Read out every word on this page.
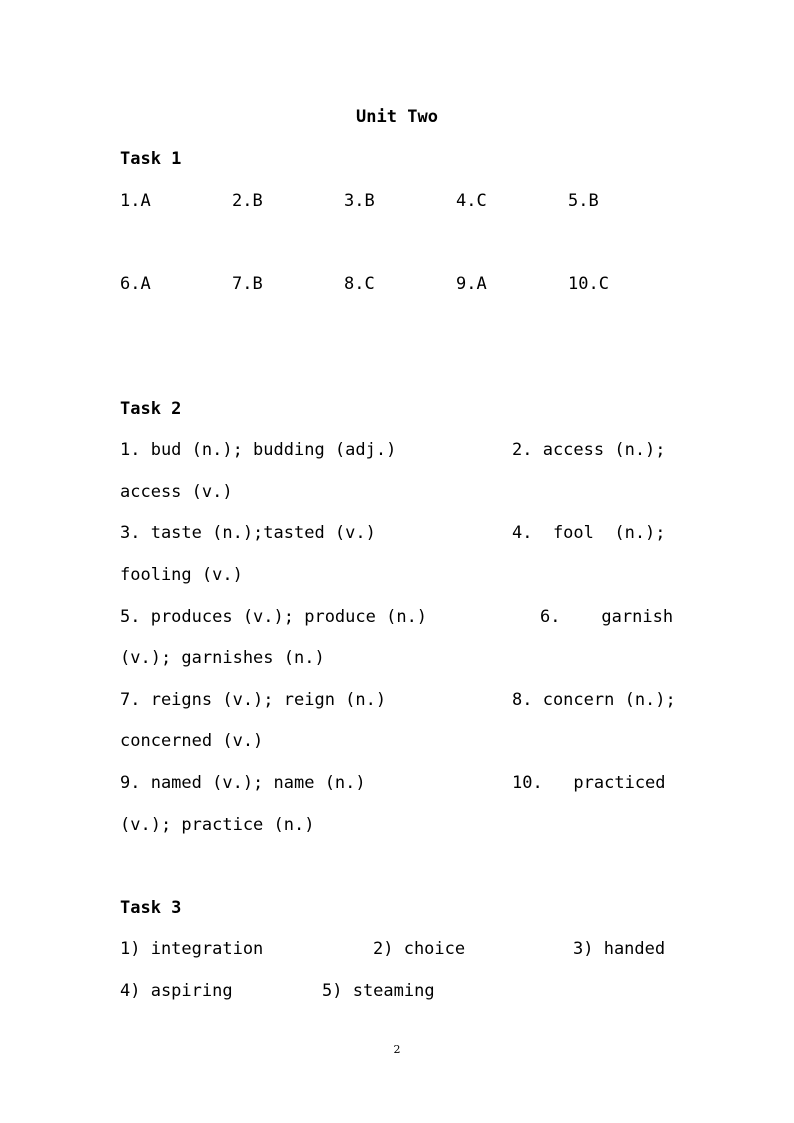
Unit Two
Task 1
1.A	2.B	3.B	4.C	5.B
6.A	7.B	8.C	9.A	10.C
Task 2
1. bud (n.); budding (adj.)	2. access (n.);
access (v.)
3. taste (n.);tasted (v.)	4.  fool  (n.);
fooling (v.)
5. produces (v.); produce (n.)	6.    garnish
(v.); garnishes (n.)
7. reigns (v.); reign (n.)	8. concern (n.);
concerned (v.)
9. named (v.); name (n.)	10.   practiced
(v.); practice (n.)
Task 3
1) integration	2) choice	3) handed
4) aspiring	5) steaming
2
